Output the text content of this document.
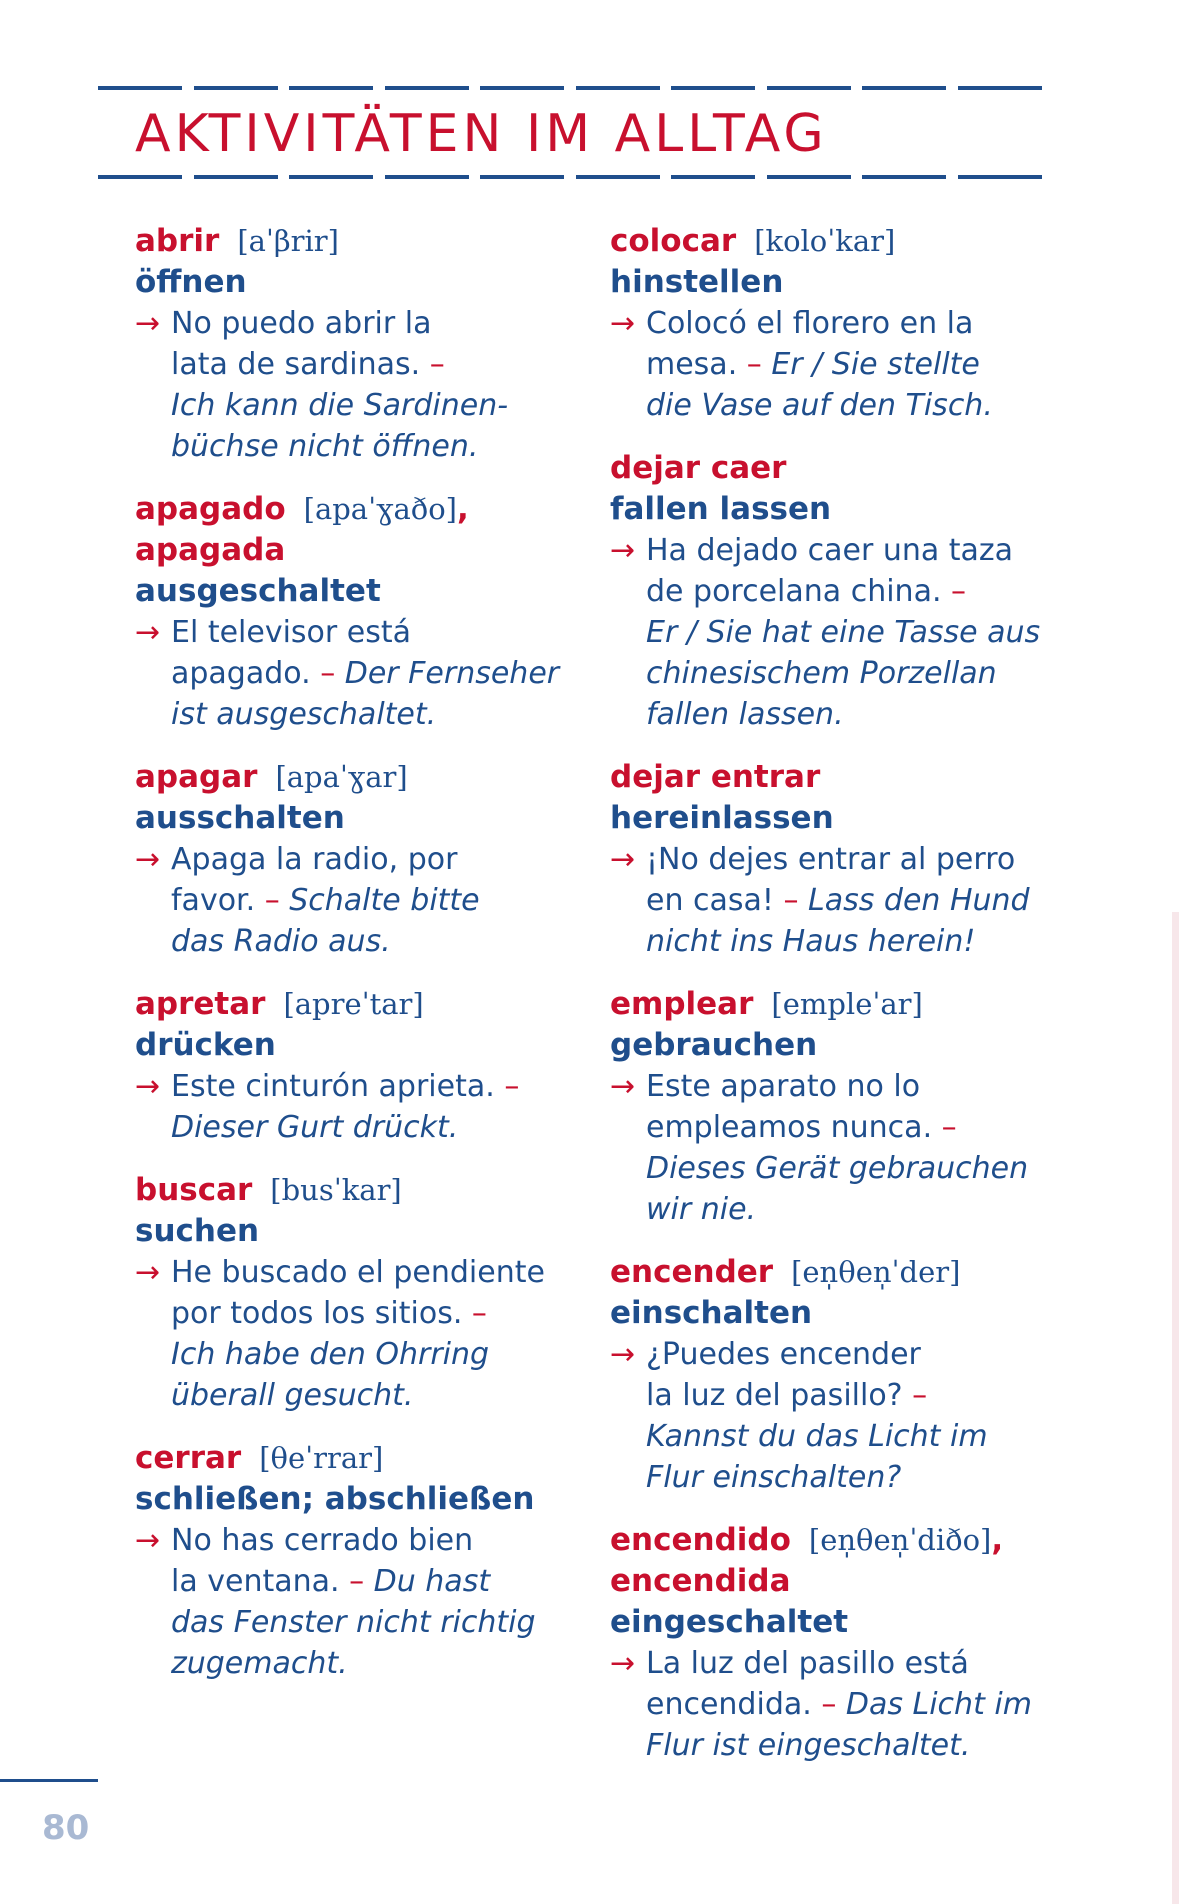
AKTIVITÄTEN IM ALLTAG
abrir [aˈβrir]
öffnen
→ No puedo abrir la
lata de sardinas. –
Ich kann die Sardinen-
büchse nicht öffnen.
apagado [apaˈɣaðo],
apagada
ausgeschaltet
→ El televisor está
apagado. – Der Fernseher
ist ausgeschaltet.
apagar [apaˈɣar]
ausschalten
→ Apaga la radio, por
favor. – Schalte bitte
das Radio aus.
apretar [apreˈtar]
drücken
→ Este cinturón aprieta. –
Dieser Gurt drückt.
buscar [busˈkar]
suchen
→ He buscado el pendiente
por todos los sitios. –
Ich habe den Ohrring
überall gesucht.
cerrar [θeˈrrar]
schließen; abschließen
→ No has cerrado bien
la ventana. – Du hast
das Fenster nicht richtig
zugemacht.
colocar [koloˈkar]
hinstellen
→ Colocó el florero en la
mesa. – Er / Sie stellte
die Vase auf den Tisch.
dejar caer
fallen lassen
→ Ha dejado caer una taza
de porcelana china. –
Er / Sie hat eine Tasse aus
chinesischem Porzellan
fallen lassen.
dejar entrar
hereinlassen
→ ¡No dejes entrar al perro
en casa! – Lass den Hund
nicht ins Haus herein!
emplear [empleˈar]
gebrauchen
→ Este aparato no lo
empleamos nunca. –
Dieses Gerät gebrauchen
wir nie.
encender [en̩θen̩ˈder]
einschalten
→ ¿Puedes encender
la luz del pasillo? –
Kannst du das Licht im
Flur einschalten?
encendido [en̩θen̩ˈdiðo],
encendida
eingeschaltet
→ La luz del pasillo está
encendida. – Das Licht im
Flur ist eingeschaltet.
80
